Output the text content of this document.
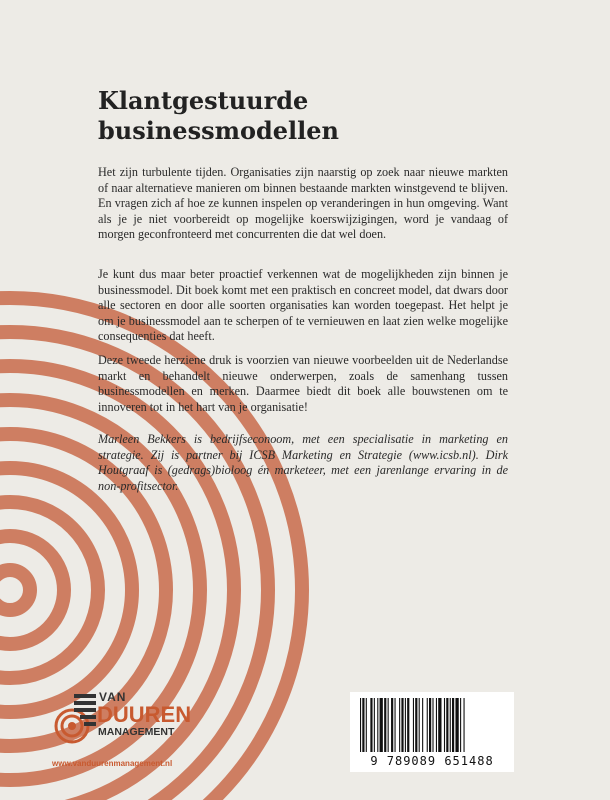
Klantgestuurde businessmodellen

Het zijn turbulente tijden. Organisaties zijn naarstig op zoek naar nieuwe markten of naar alternatieve manieren om binnen bestaande markten winstgevend te blijven. En vragen zich af hoe ze kunnen inspelen op veranderingen in hun omgeving. Want als je je niet voorbereidt op mogelijke koerswijzigingen, word je vandaag of morgen geconfronteerd met concurrenten die dat wel doen.

Je kunt dus maar beter proactief verkennen wat de mogelijkheden zijn binnen je businessmodel. Dit boek komt met een praktisch en concreet model, dat dwars door alle sectoren en door alle soorten organisaties kan worden toegepast. Het helpt je om je businessmodel aan te scherpen of te vernieuwen en laat zien welke mogelijke consequenties dat heeft.

Deze tweede herziene druk is voorzien van nieuwe voorbeelden uit de Nederlandse markt en behandelt nieuwe onderwerpen, zoals de samenhang tussen businessmodellen en merken. Daarmee biedt dit boek alle bouwstenen om te innoveren tot in het hart van je organisatie!

Marleen Bekkers is bedrijfseconoom, met een specialisatie in marketing en strategie. Zij is partner bij ICSB Marketing en Strategie (www.icsb.nl). Dirk Houtgraaf is (gedrags)bioloog én marketeer, met een jarenlange ervaring in de non-profitsector.

VAN
DUUREN
MANAGEMENT
www.vanduurenmanagement.nl	9 789089 651488
